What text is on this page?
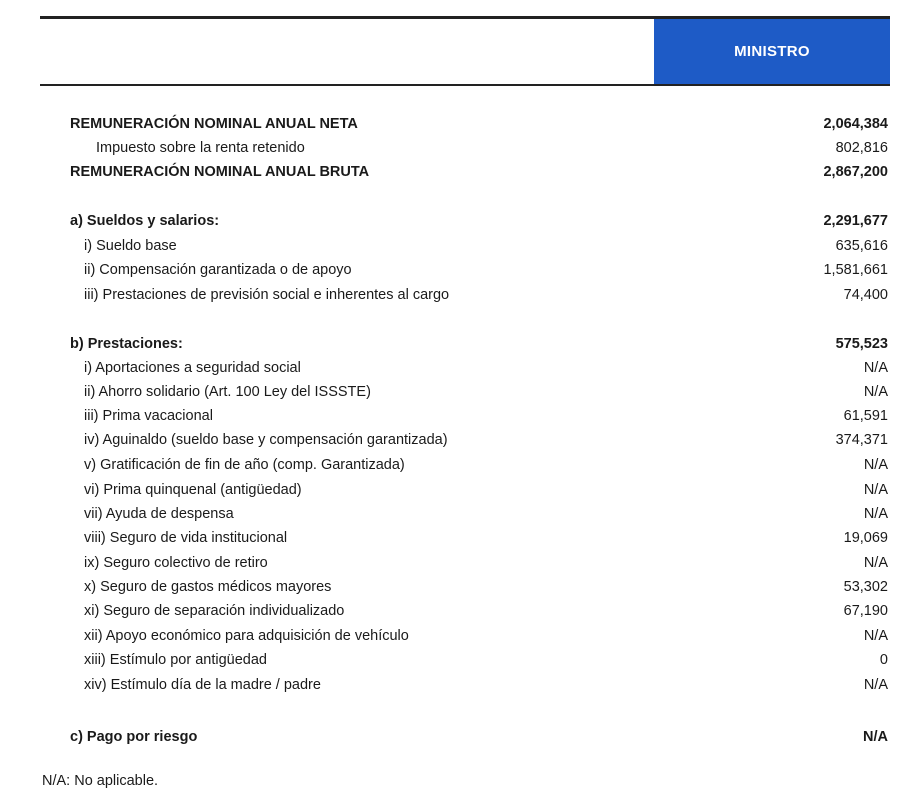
MINISTRO
REMUNERACIÓN NOMINAL ANUAL NETA	2,064,384
Impuesto sobre la renta retenido	802,816
REMUNERACIÓN NOMINAL ANUAL BRUTA	2,867,200
a) Sueldos y salarios:	2,291,677
i) Sueldo base	635,616
ii) Compensación garantizada o de apoyo	1,581,661
iii) Prestaciones de previsión social e inherentes al cargo	74,400
b) Prestaciones:	575,523
i) Aportaciones a seguridad social	N/A
ii) Ahorro solidario (Art. 100 Ley del ISSSTE)	N/A
iii) Prima vacacional	61,591
iv) Aguinaldo (sueldo base y compensación garantizada)	374,371
v) Gratificación de fin de año (comp. Garantizada)	N/A
vi) Prima quinquenal (antigüedad)	N/A
vii) Ayuda de despensa	N/A
viii) Seguro de vida institucional	19,069
ix) Seguro colectivo de retiro	N/A
x) Seguro de gastos médicos mayores	53,302
xi) Seguro de separación individualizado	67,190
xii) Apoyo económico para adquisición de vehículo	N/A
xiii) Estímulo por antigüedad	0
xiv) Estímulo día de la madre / padre	N/A
c) Pago por riesgo	N/A
N/A: No aplicable.
